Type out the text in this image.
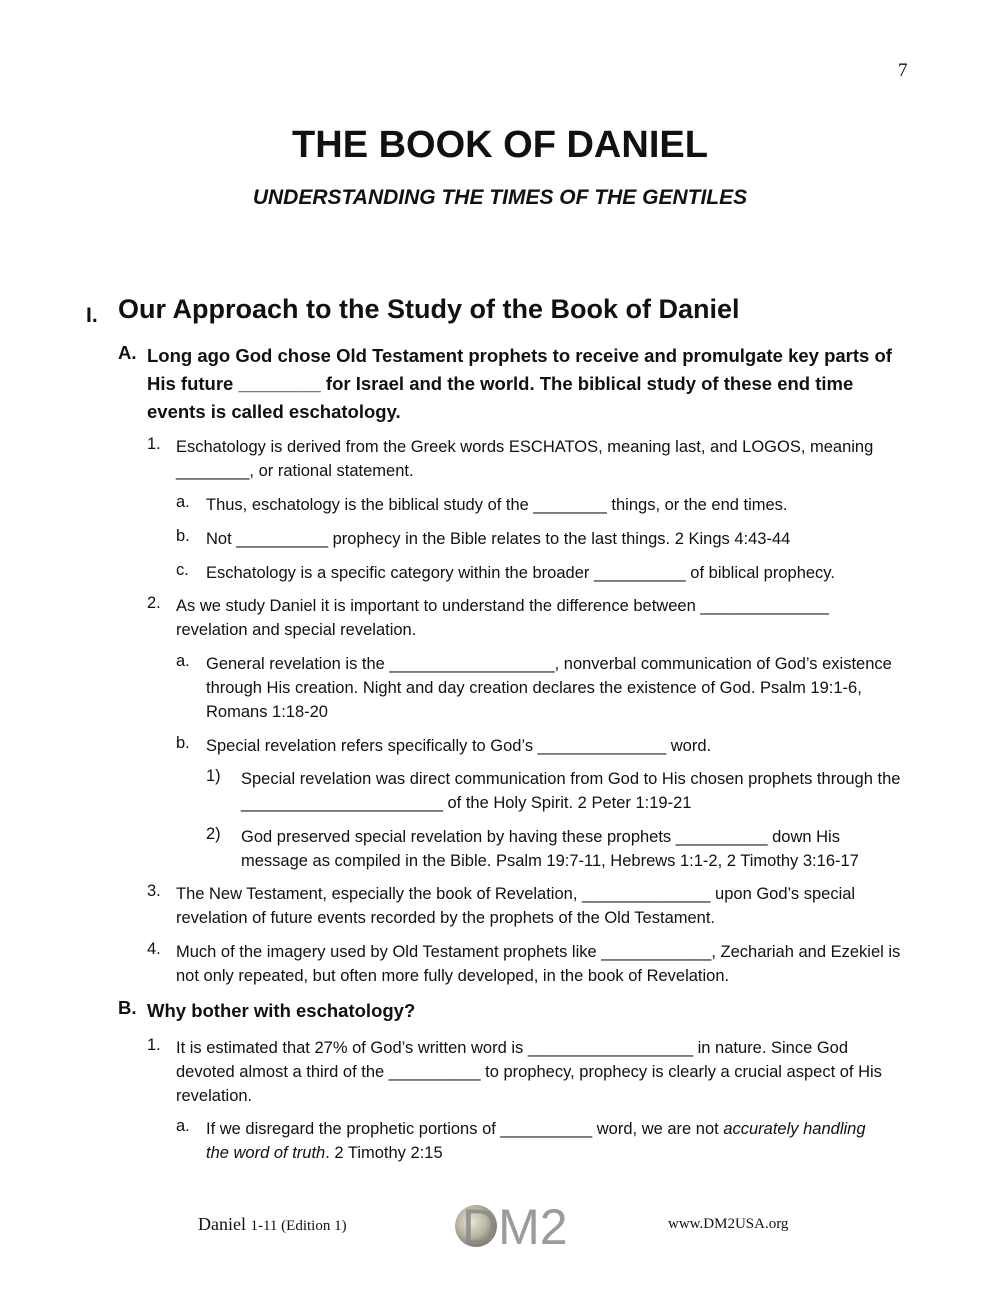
7
THE BOOK OF DANIEL
UNDERSTANDING THE TIMES OF THE GENTILES
I. Our Approach to the Study of the Book of Daniel
A. Long ago God chose Old Testament prophets to receive and promulgate key parts of His future ________ for Israel and the world. The biblical study of these end time events is called eschatology.
1. Eschatology is derived from the Greek words ESCHATOS, meaning last, and LOGOS, meaning ________, or rational statement.
a. Thus, eschatology is the biblical study of the ________ things, or the end times.
b. Not __________ prophecy in the Bible relates to the last things. 2 Kings 4:43-44
c. Eschatology is a specific category within the broader __________ of biblical prophecy.
2. As we study Daniel it is important to understand the difference between ______________ revelation and special revelation.
a. General revelation is the __________________, nonverbal communication of God’s existence through His creation. Night and day creation declares the existence of God. Psalm 19:1-6, Romans 1:18-20
b. Special revelation refers specifically to God’s ______________ word.
1) Special revelation was direct communication from God to His chosen prophets through the ______________________ of the Holy Spirit. 2 Peter 1:19-21
2) God preserved special revelation by having these prophets __________ down His message as compiled in the Bible. Psalm 19:7-11, Hebrews 1:1-2, 2 Timothy 3:16-17
3. The New Testament, especially the book of Revelation, ______________ upon God’s special revelation of future events recorded by the prophets of the Old Testament.
4. Much of the imagery used by Old Testament prophets like ____________, Zechariah and Ezekiel is not only repeated, but often more fully developed, in the book of Revelation.
B. Why bother with eschatology?
1. It is estimated that 27% of God’s written word is __________________ in nature. Since God devoted almost a third of the __________ to prophecy, prophecy is clearly a crucial aspect of His revelation.
a. If we disregard the prophetic portions of __________ word, we are not accurately handling the word of truth. 2 Timothy 2:15
Daniel 1-11 (Edition 1) DM2	www.DM2USA.org
